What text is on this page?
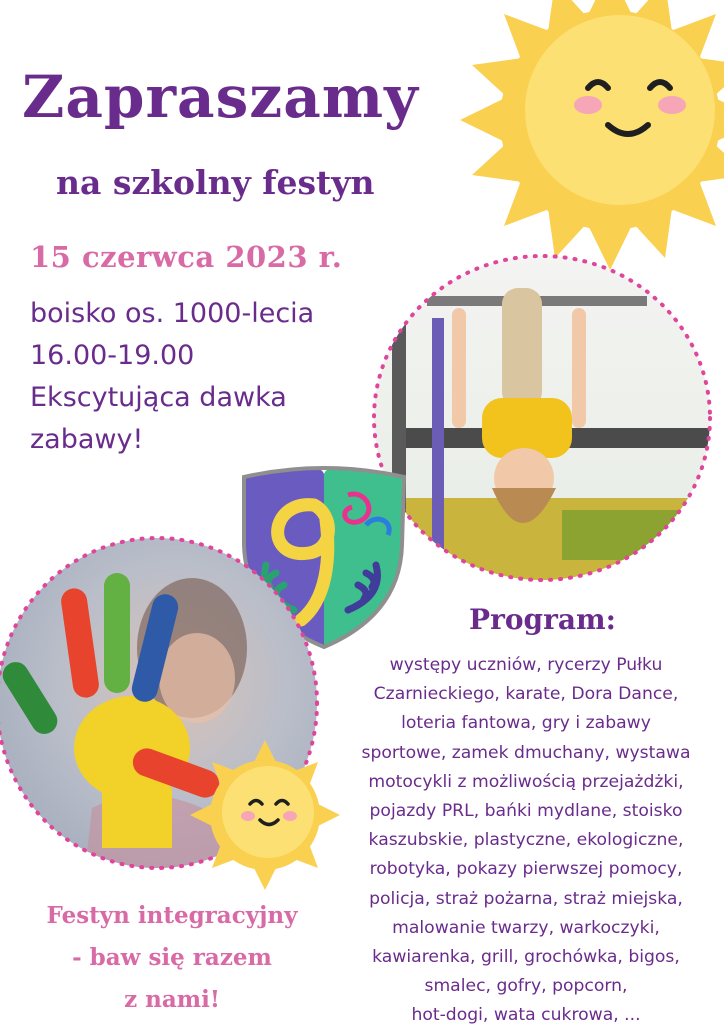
Zapraszamy
na szkolny festyn
15 czerwca 2023 r.
boisko os. 1000-lecia
16.00-19.00
Ekscytująca dawka
zabawy!
Program:
występy uczniów, rycerzy Pułku
Czarnieckiego, karate, Dora Dance,
loteria fantowa, gry i zabawy
sportowe, zamek dmuchany, wystawa
motocykli z możliwością przejażdżki,
pojazdy PRL, bańki mydlane, stoisko
kaszubskie, plastyczne, ekologiczne,
robotyka, pokazy pierwszej pomocy,
policja, straż pożarna, straż miejska,
malowanie twarzy, warkoczyki,
kawiarenka, grill, grochówka, bigos,
smalec, gofry, popcorn,
hot-dogi, wata cukrowa, ...
Festyn integracyjny
- baw się razem
z nami!
